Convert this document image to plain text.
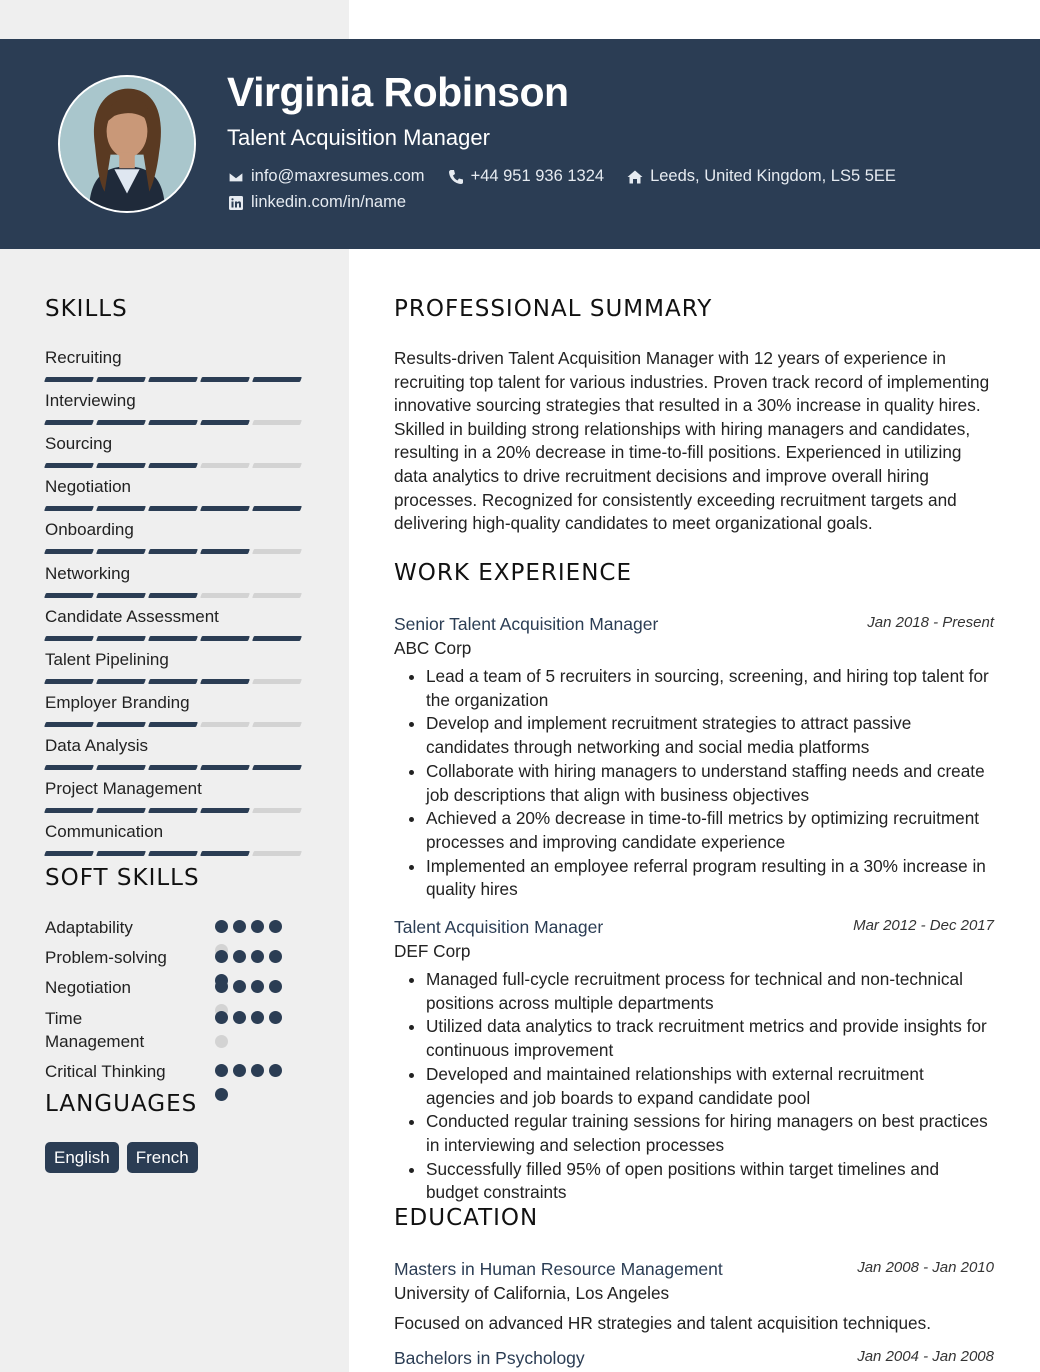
Virginia Robinson
Talent Acquisition Manager
info@maxresumes.com	+44 951 936 1324	Leeds, United Kingdom, LS5 5EE
linkedin.com/in/name
SKILLS
Recruiting
Interviewing
Sourcing
Negotiation
Onboarding
Networking
Candidate Assessment
Talent Pipelining
Employer Branding
Data Analysis
Project Management
Communication
SOFT SKILLS
Adaptability
Problem-solving
Negotiation
Time Management
Critical Thinking
LANGUAGES
English	French
PROFESSIONAL SUMMARY

Results-driven Talent Acquisition Manager with 12 years of experience in recruiting top talent for various industries. Proven track record of implementing innovative sourcing strategies that resulted in a 30% increase in quality hires. Skilled in building strong relationships with hiring managers and candidates, resulting in a 20% decrease in time-to-fill positions. Experienced in utilizing data analytics to drive recruitment decisions and improve overall hiring processes. Recognized for consistently exceeding recruitment targets and delivering high-quality candidates to meet organizational goals.

WORK EXPERIENCE
Senior Talent Acquisition Manager	Jan 2018 - Present
ABC Corp
• Lead a team of 5 recruiters in sourcing, screening, and hiring top talent for the organization
• Develop and implement recruitment strategies to attract passive candidates through networking and social media platforms
• Collaborate with hiring managers to understand staffing needs and create job descriptions that align with business objectives
• Achieved a 20% decrease in time-to-fill metrics by optimizing recruitment processes and improving candidate experience
• Implemented an employee referral program resulting in a 30% increase in quality hires
Talent Acquisition Manager	Mar 2012 - Dec 2017
DEF Corp
• Managed full-cycle recruitment process for technical and non-technical positions across multiple departments
• Utilized data analytics to track recruitment metrics and provide insights for continuous improvement
• Developed and maintained relationships with external recruitment agencies and job boards to expand candidate pool
• Conducted regular training sessions for hiring managers on best practices in interviewing and selection processes
• Successfully filled 95% of open positions within target timelines and budget constraints
EDUCATION
Masters in Human Resource Management	Jan 2008 - Jan 2010
University of California, Los Angeles
Focused on advanced HR strategies and talent acquisition techniques.
Bachelors in Psychology	Jan 2004 - Jan 2008
